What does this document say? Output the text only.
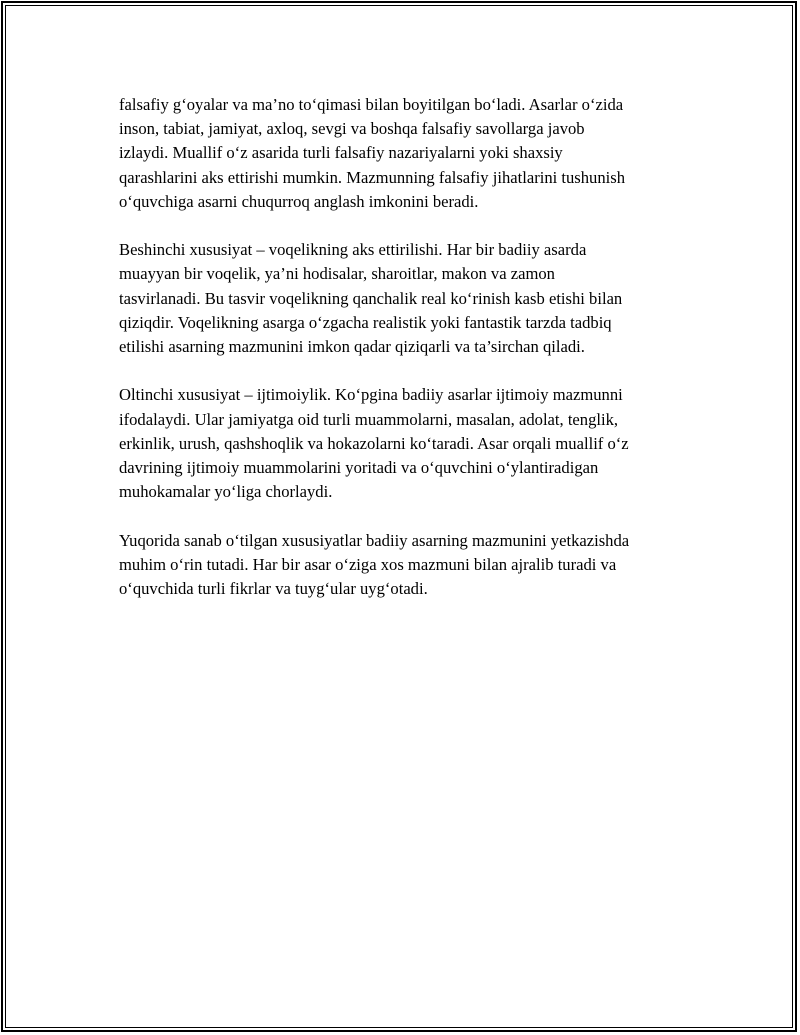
falsafiy g‘oyalar va ma’no to‘qimasi bilan boyitilgan bo‘ladi. Asarlar o‘zida
inson, tabiat, jamiyat, axloq, sevgi va boshqa falsafiy savollarga javob
izlaydi. Muallif o‘z asarida turli falsafiy nazariyalarni yoki shaxsiy
qarashlarini aks ettirishi mumkin. Mazmunning falsafiy jihatlarini tushunish
o‘quvchiga asarni chuqurroq anglash imkonini beradi.

Beshinchi xususiyat – voqelikning aks ettirilishi. Har bir badiiy asarda
muayyan bir voqelik, ya’ni hodisalar, sharoitlar, makon va zamon
tasvirlanadi. Bu tasvir voqelikning qanchalik real ko‘rinish kasb etishi bilan
qiziqdir. Voqelikning asarga o‘zgacha realistik yoki fantastik tarzda tadbiq
etilishi asarning mazmunini imkon qadar qiziqarli va ta’sirchan qiladi.

Oltinchi xususiyat – ijtimoiylik. Ko‘pgina badiiy asarlar ijtimoiy mazmunni
ifodalaydi. Ular jamiyatga oid turli muammolarni, masalan, adolat, tenglik,
erkinlik, urush, qashshoqlik va hokazolarni ko‘taradi. Asar orqali muallif o‘z
davrining ijtimoiy muammolarini yoritadi va o‘quvchini o‘ylantiradigan
muhokamalar yo‘liga chorlaydi.

Yuqorida sanab o‘tilgan xususiyatlar badiiy asarning mazmunini yetkazishda
muhim o‘rin tutadi. Har bir asar o‘ziga xos mazmuni bilan ajralib turadi va
o‘quvchida turli fikrlar va tuyg‘ular uyg‘otadi.
